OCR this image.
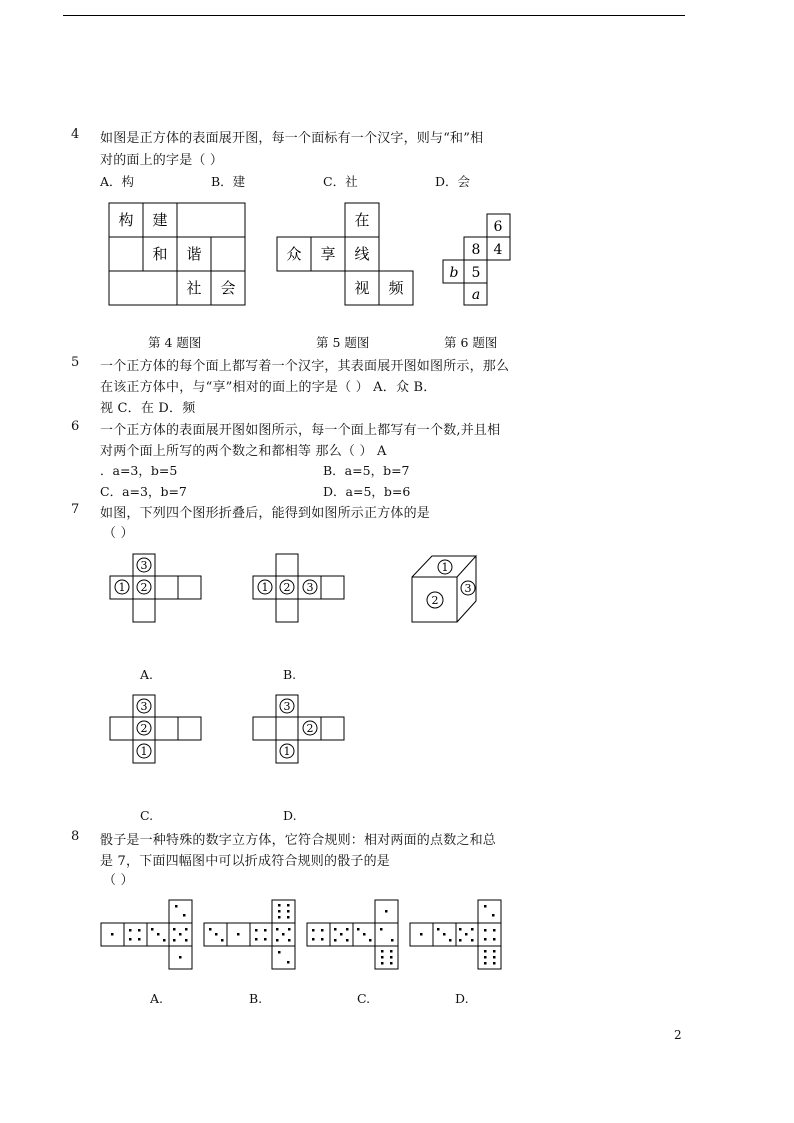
4 如图是正方体的表面展开图，每一个面标有一个汉字，则与“和”相
对的面上的字是（ ）
A．构	B．建	C．社	D．会
构 建
和 谐
社 会
在
众 享 线
视 频
6
8 4
b 5
a
第 4 题图	第 5 题图	第 6 题图
5 一个正方体的每个面上都写着一个汉字，其表面展开图如图所示，那么
在该正方体中，与“享”相对的面上的字是（ ） A．众 B．
视 C．在 D．频
6 一个正方体的表面展开图如图所示，每一个面上都写有一个数,并且相
对两个面上所写的两个数之和都相等 那么（ ） A
．a=3，b=5	B．a=5，b=7
C．a=3，b=7	D．a=5，b=6
7 如图，下列四个图形折叠后，能得到如图所示正方体的是
（ ）
3
1 2	1 2 3
1
2
3
A.	B.
3
2
1
3
2
1
C.	D.
8 骰子是一种特殊的数字立方体，它符合规则：相对两面的点数之和总
是 7，下面四幅图中可以折成符合规则的骰子的是
（ ）
A.	B.	C.	D.
2
